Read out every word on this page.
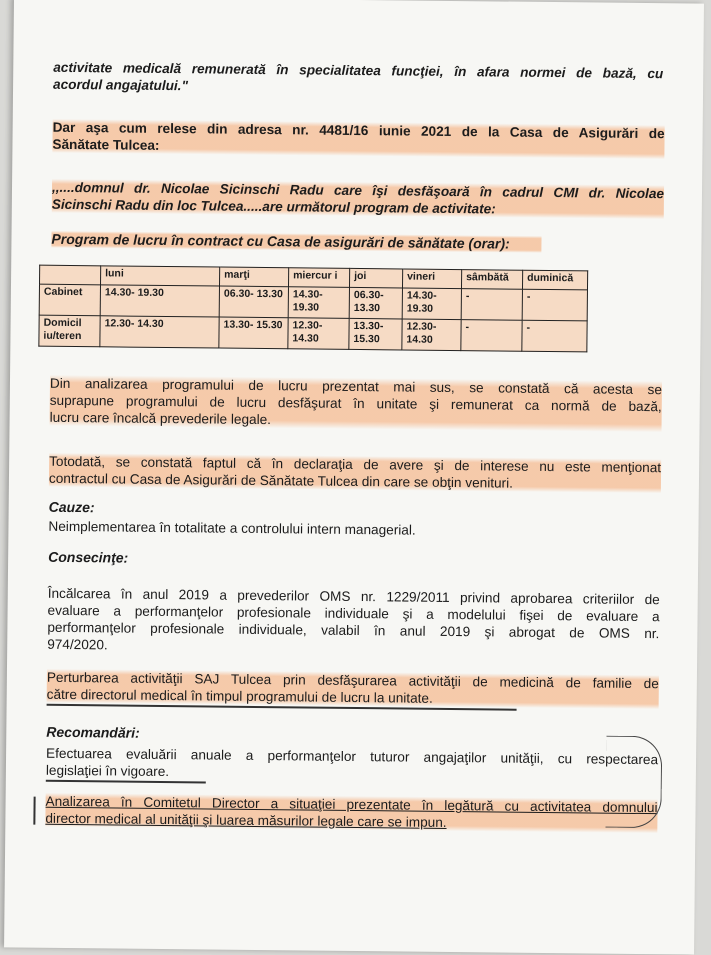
activitate medicală remunerată în specialitatea funcţiei, în afara normei de bază, cu
acordul angajatului."
Dar aşa cum relese din adresa nr. 4481/16 iunie 2021 de la Casa de Asigurări de
Sănătate Tulcea:
,,....domnul dr. Nicolae Sicinschi Radu care îşi desfăşoară în cadrul CMI dr. Nicolae
Sicinschi Radu din loc Tulcea.....are următorul program de activitate:
Program de lucru în contract cu Casa de asigurări de sănătate (orar):
	luni	marţi	miercur i	joi	vineri	sâmbătă	duminică
Cabinet	14.30- 19.30	06.30- 13.30	14.30- 19.30	06.30- 13.30	14.30- 19.30	-	-
Domicil iu/teren	12.30- 14.30	13.30- 15.30	12.30- 14.30	13.30- 15.30	12.30- 14.30	-	-
Din analizarea programului de lucru prezentat mai sus, se constată că acesta se
suprapune programului de lucru desfăşurat în unitate şi remunerat ca normă de bază,
lucru care încalcă prevederile legale.
Totodată, se constată faptul că în declaraţia de avere şi de interese nu este menţionat
contractul cu Casa de Asigurări de Sănătate Tulcea din care se obţin venituri.
Cauze:
Neimplementarea în totalitate a controlului intern managerial.
Consecinţe:
Încălcarea în anul 2019 a prevederilor OMS nr. 1229/2011 privind aprobarea criteriilor de
evaluare a performanţelor profesionale individuale şi a modelului fişei de evaluare a
performanţelor profesionale individuale, valabil în anul 2019 şi abrogat de OMS nr.
974/2020.
Perturbarea activităţii SAJ Tulcea prin desfăşurarea activităţii de medicină de familie de
către directorul medical în timpul programului de lucru la unitate.
Recomandări:
Efectuarea evaluării anuale a performanţelor tuturor angajaţilor unităţii, cu respectarea
legislaţiei în vigoare.
Analizarea în Comitetul Director a situaţiei prezentate în legătură cu activitatea domnului
director medical al unităţii şi luarea măsurilor legale care se impun.
